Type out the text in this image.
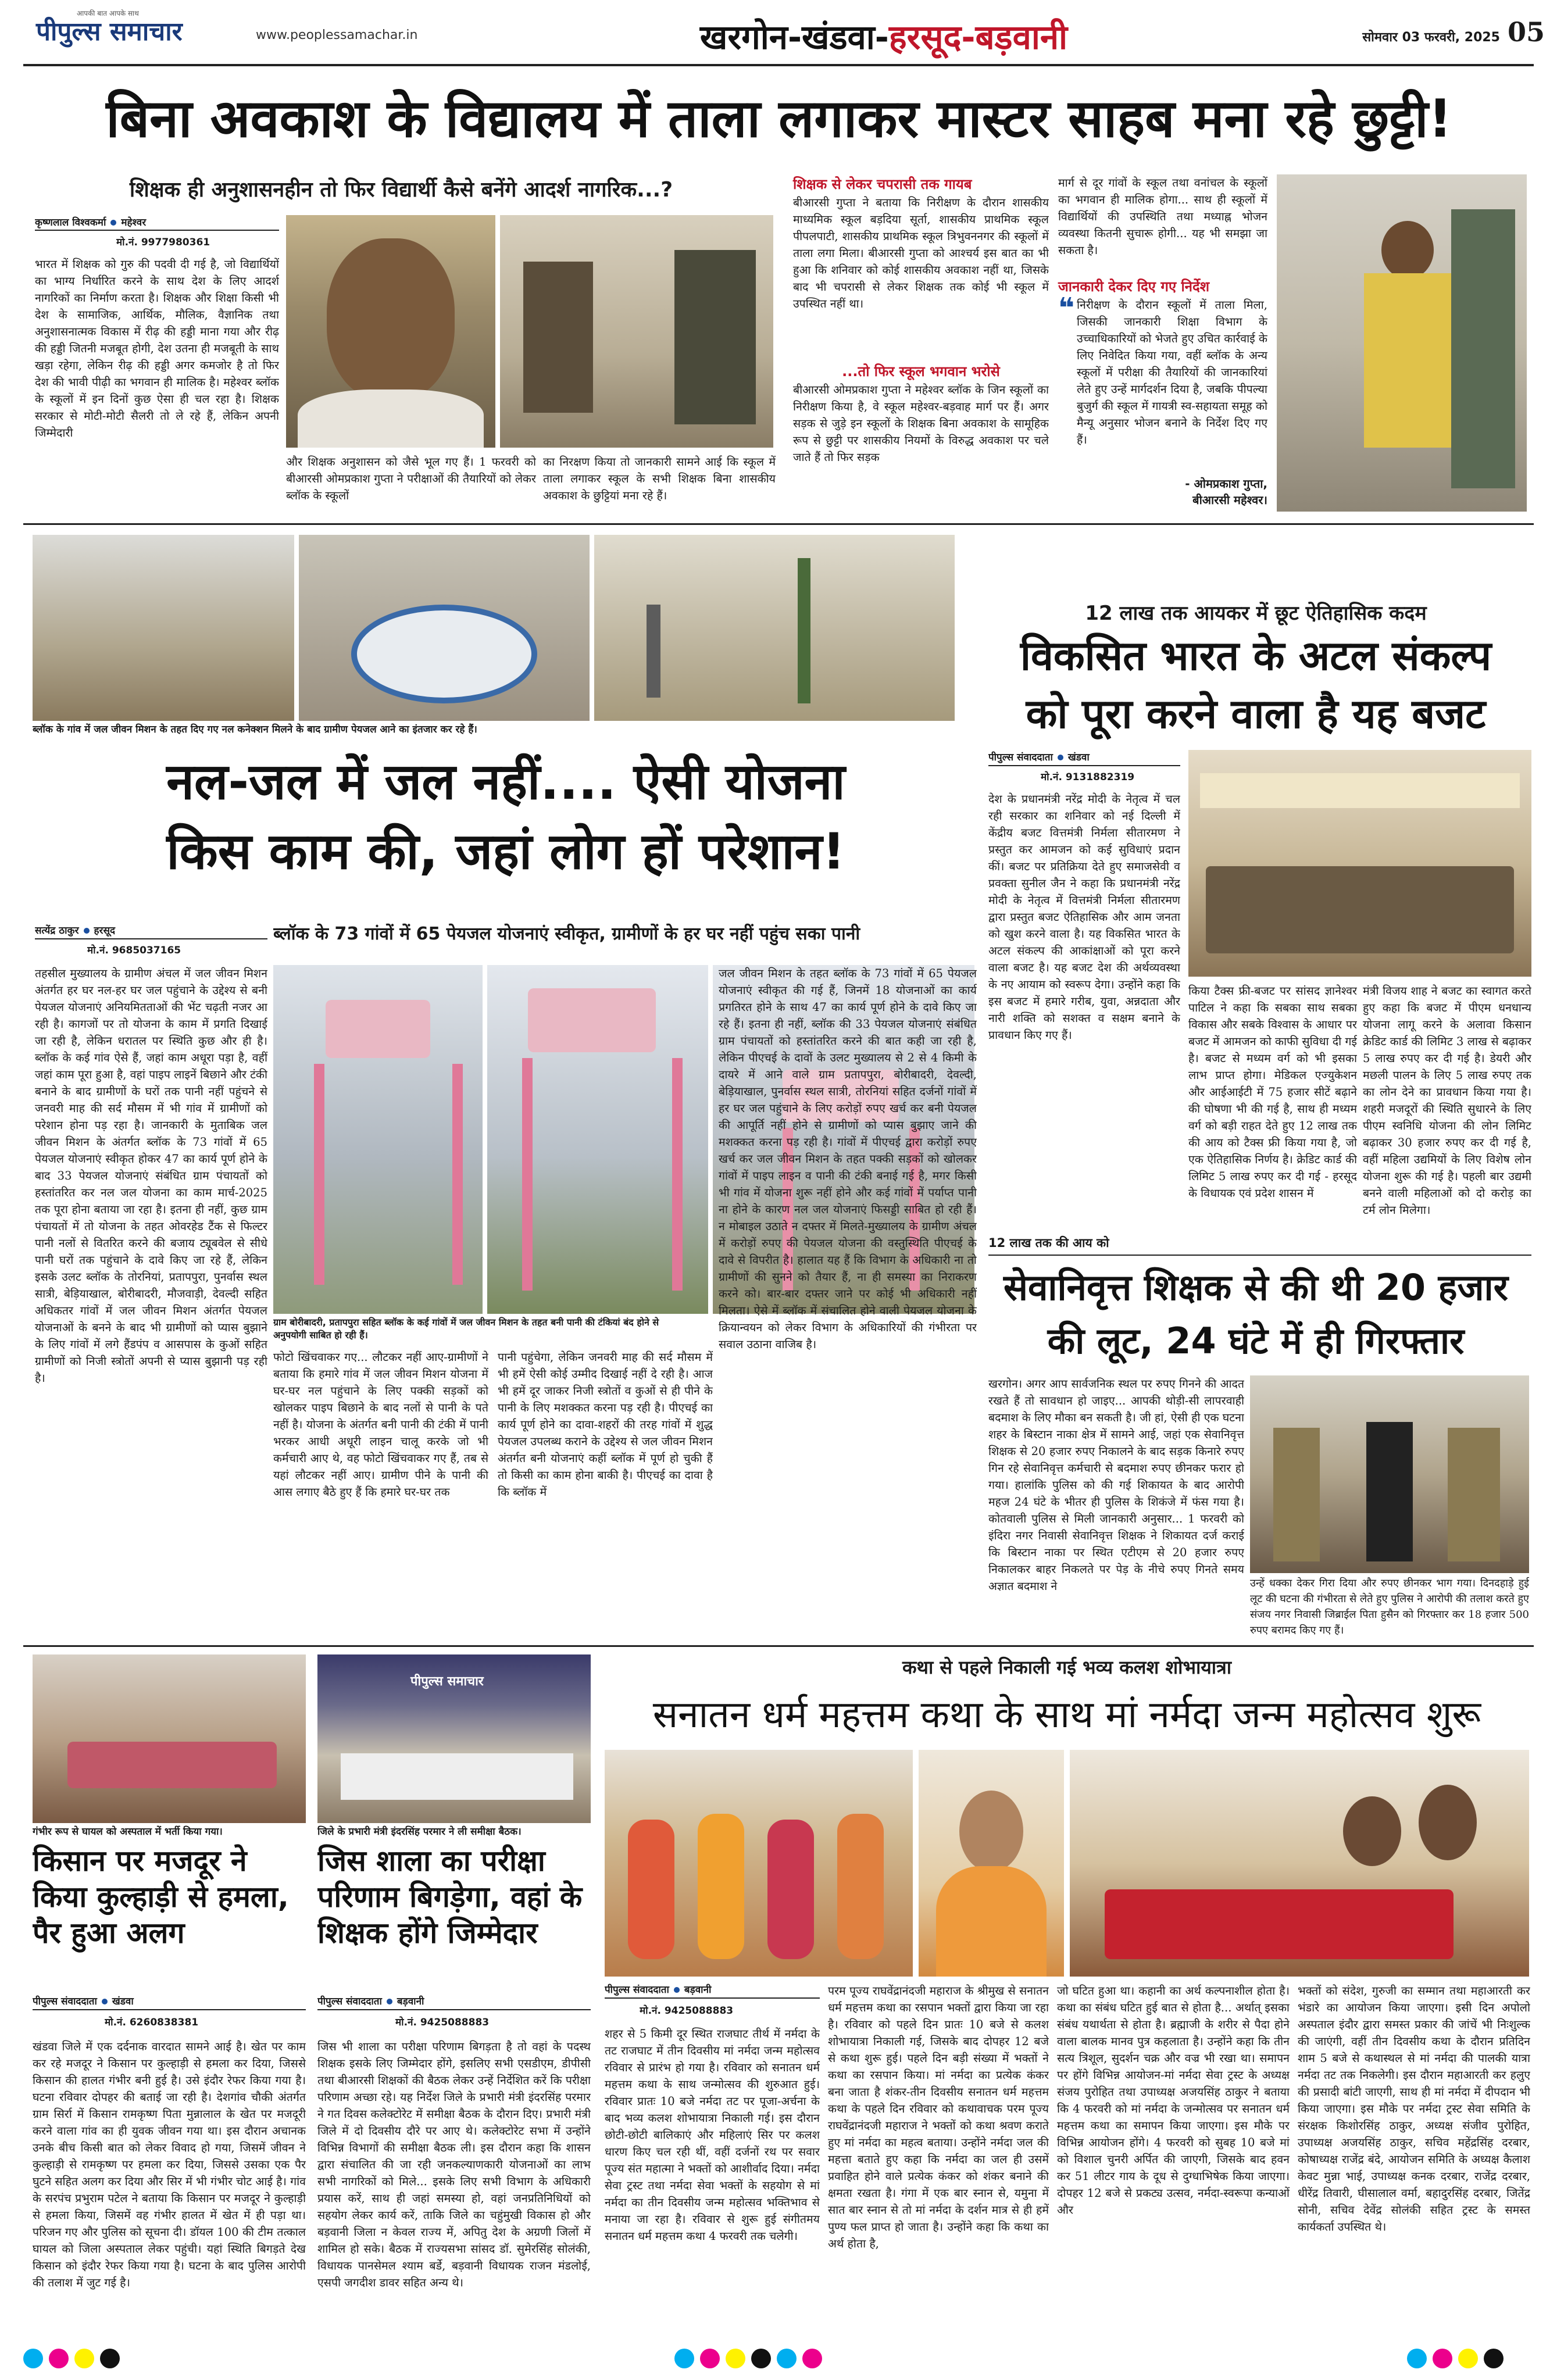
पीपुल्स समाचार
आपकी बात आपके साथ
www.peoplessamachar.in	खरगोन-खंडवा-हरसूद-बड़वानी	सोमवार 03 फरवरी, 2025 05
बिना अवकाश के विद्यालय में ताला लगाकर मास्टर साहब मना रहे छुट्टी!
शिक्षक ही अनुशासनहीन तो फिर विद्यार्थी कैसे बनेंगे आदर्श नागरिक...?
कृष्णलाल विश्वकर्मा महेश्वर
मो.नं. 9977980361
भारत में शिक्षक को गुरु की पदवी दी गई है, जो विद्यार्थियों का भाग्य निर्धारित करने के साथ देश के लिए आदर्श नागरिकों का निर्माण करता है। शिक्षक और शिक्षा किसी भी देश के सामाजिक, आर्थिक, मौलिक, वैज्ञानिक तथा अनुशासनात्मक विकास में रीढ़ की हड्डी माना गया और रीढ़ की हड्डी जितनी मजबूत होगी, देश उतना ही मजबूती के साथ खड़ा रहेगा, लेकिन रीढ़ की हड्डी अगर कमजोर है तो फिर देश की भावी पीढ़ी का भगवान ही मालिक है। महेश्वर ब्लॉक के स्कूलों में इन दिनों कुछ ऐसा ही चल रहा है। शिक्षक सरकार से मोटी-मोटी सैलरी तो ले रहे हैं, लेकिन अपनी जिम्मेदारी
और शिक्षक अनुशासन को जैसे भूल गए हैं। 1 फरवरी को बीआरसी ओमप्रकाश गुप्ता ने परीक्षाओं की तैयारियों को लेकर ब्लॉक के स्कूलों
का निरक्षण किया तो जानकारी सामने आई कि स्कूल में ताला लगाकर स्कूल के सभी शिक्षक बिना शासकीय अवकाश के छुट्टियां मना रहे हैं।
शिक्षक से लेकर चपरासी तक गायब
बीआरसी गुप्ता ने बताया कि निरीक्षण के दौरान शासकीय माध्यमिक स्कूल बड़दिया सूर्ता, शासकीय प्राथमिक स्कूल पीपलपाटी, शासकीय प्राथमिक स्कूल त्रिभुवननगर की स्कूलों में ताला लगा मिला। बीआरसी गुप्ता को आश्चर्य इस बात का भी हुआ कि शनिवार को कोई शासकीय अवकाश नहीं था, जिसके बाद भी चपरासी से लेकर शिक्षक तक कोई भी स्कूल में उपस्थित नहीं था।
...तो फिर स्कूल भगवान भरोसे
बीआरसी ओमप्रकाश गुप्ता ने महेश्वर ब्लॉक के जिन स्कूलों का निरीक्षण किया है, वे स्कूल महेश्वर-बड़वाह मार्ग पर हैं। अगर सड़क से जुड़े इन स्कूलों के शिक्षक बिना अवकाश के सामूहिक रूप से छुट्टी पर शासकीय नियमों के विरुद्ध अवकाश पर चले जाते हैं तो फिर सड़क
मार्ग से दूर गांवों के स्कूल तथा वनांचल के स्कूलों का भगवान ही मालिक होगा... साथ ही स्कूलों में विद्यार्थियों की उपस्थिति तथा मध्याह्न भोजन व्यवस्था कितनी सुचारू होगी... यह भी समझा जा सकता है।
जानकारी देकर दिए गए निर्देश
❝ निरीक्षण के दौरान स्कूलों में ताला मिला, जिसकी जानकारी शिक्षा विभाग के उच्चाधिकारियों को भेजते हुए उचित कार्रवाई के लिए निवेदित किया गया, वहीं ब्लॉक के अन्य स्कूलों में परीक्षा की तैयारियों की जानकारियां लेते हुए उन्हें मार्गदर्शन दिया है, जबकि पीपल्या बुजुर्ग की स्कूल में गायत्री स्व-सहायता समूह को मैन्यू अनुसार भोजन बनाने के निर्देश दिए गए हैं।
- ओमप्रकाश गुप्ता,
बीआरसी महेश्वर।
ब्लॉक के गांव में जल जीवन मिशन के तहत दिए गए नल कनेक्शन मिलने के बाद ग्रामीण पेयजल आने का इंतजार कर रहे हैं।
नल-जल में जल नहीं.... ऐसी योजना
किस काम की, जहां लोग हों परेशान!
सत्येंद्र ठाकुर हरसूद
मो.नं. 9685037165
ब्लॉक के 73 गांवों में 65 पेयजल योजनाएं स्वीकृत, ग्रामीणों के हर घर नहीं पहुंच सका पानी
तहसील मुख्यालय के ग्रामीण अंचल में जल जीवन मिशन अंतर्गत हर घर नल-हर घर जल पहुंचाने के उद्देश्य से बनी पेयजल योजनाएं अनियमितताओं की भेंट चढ़ती नजर आ रही है। कागजों पर तो योजना के काम में प्रगति दिखाई जा रही है, लेकिन धरातल पर स्थिति कुछ और ही है। ब्लॉक के कई गांव ऐसे हैं, जहां काम अधूरा पड़ा है, वहीं जहां काम पूरा हुआ है, वहां पाइप लाइनें बिछाने और टंकी बनाने के बाद ग्रामीणों के घरों तक पानी नहीं पहुंचने से जनवरी माह की सर्द मौसम में भी गांव में ग्रामीणों को परेशान होना पड़ रहा है। जानकारी के मुताबिक जल जीवन मिशन के अंतर्गत ब्लॉक के 73 गांवों में 65 पेयजल योजनाएं स्वीकृत होकर 47 का कार्य पूर्ण होने के बाद 33 पेयजल योजनाएं संबंधित ग्राम पंचायतों को हस्तांतरित कर नल जल योजना का काम मार्च-2025 तक पूरा होना बताया जा रहा है। इतना ही नहीं, कुछ ग्राम पंचायतों में तो योजना के तहत ओवरहेड टैंक से फिल्टर पानी नलों से वितरित करने की बजाय ट्यूबवेल से सीधे पानी घरों तक पहुंचाने के दावे किए जा रहे हैं, लेकिन इसके उलट ब्लॉक के तोरनियां, प्रतापपुरा, पुनर्वास स्थल सात्री, बेड़ियाखाल, बोरीबादरी, मौजवाड़ी, देवल्दी सहित अधिकतर गांवों में जल जीवन मिशन अंतर्गत पेयजल योजनाओं के बनने के बाद भी ग्रामीणों को प्यास बुझाने के लिए गांवों में लगे हैंडपंप व आसपास के कुओं सहित ग्रामीणों को निजी स्त्रोतों अपनी से प्यास बुझानी पड़ रही है।
ग्राम बोरीबादरी, प्रतापपुरा सहित ब्लॉक के कई गांवों में जल जीवन मिशन के तहत बनी पानी की टंकियां बंद होने से अनुपयोगी साबित हो रही हैं।
फोटो खिंचवाकर गए... लौटकर नहीं आए-ग्रामीणों ने बताया कि हमारे गांव में जल जीवन मिशन योजना में घर-घर नल पहुंचाने के लिए पक्की सड़कों को खोलकर पाइप बिछाने के बाद नलों से पानी के पते नहीं है। योजना के अंतर्गत बनी पानी की टंकी में पानी भरकर आधी अधूरी लाइन चालू करके जो भी कर्मचारी आए थे, वह फोटो खिंचवाकर गए हैं, तब से यहां लौटकर नहीं आए। ग्रामीण पीने के पानी की आस लगाए बैठे हुए हैं कि हमारे घर-घर तक
पानी पहुंचेगा, लेकिन जनवरी माह की सर्द मौसम में भी हमें ऐसी कोई उम्मीद दिखाई नहीं दे रही है। आज भी हमें दूर जाकर निजी स्त्रोतों व कुओं से ही पीने के पानी के लिए मशक्कत करना पड़ रही है। पीएचई का कार्य पूर्ण होने का दावा-शहरों की तरह गांवों में शुद्ध पेयजल उपलब्ध कराने के उद्देश्य से जल जीवन मिशन अंतर्गत बनी योजनाएं कहीं ब्लॉक में पूर्ण हो चुकी हैं तो किसी का काम होना बाकी है। पीएचई का दावा है कि ब्लॉक में
जल जीवन मिशन के तहत ब्लॉक के 73 गांवों में 65 पेयजल योजनाएं स्वीकृत की गई हैं, जिनमें 18 योजनाओं का कार्य प्रगतिरत होने के साथ 47 का कार्य पूर्ण होने के दावे किए जा रहे हैं। इतना ही नहीं, ब्लॉक की 33 पेयजल योजनाएं संबंधित ग्राम पंचायतों को हस्तांतरित करने की बात कही जा रही है, लेकिन पीएचई के दावों के उलट मुख्यालय से 2 से 4 किमी के दायरे में आने वाले ग्राम प्रतापपुरा, बोरीबादरी, देवल्दी, बेड़ियाखाल, पुनर्वास स्थल सात्री, तोरनियां सहित दर्जनों गांवों में हर घर जल पहुंचाने के लिए करोड़ों रुपए खर्च कर बनी पेयजल की आपूर्ति नहीं होने से ग्रामीणों को प्यास बुझाए जाने की मशक्कत करना पड़ रही है। गांवों में पीएचई द्वारा करोड़ों रुपए खर्च कर जल जीवन मिशन के तहत पक्की सड़कों को खोलकर गांवों में पाइप लाइन व पानी की टंकी बनाई गई है, मगर किसी भी गांव में योजना शुरू नहीं होने और कई गांवों में पर्याप्त पानी ना होने के कारण नल जल योजनाएं फिसड्डी साबित हो रही हैं। न मोबाइल उठाते न दफ्तर में मिलते-मुख्यालय के ग्रामीण अंचल में करोड़ों रुपए की पेयजल योजना की वस्तुस्थिति पीएचई के दावे से विपरीत है। हालात यह हैं कि विभाग के अधिकारी ना तो ग्रामीणों की सुनने को तैयार हैं, ना ही समस्या का निराकरण करने को। बार-बार दफ्तर जाने पर कोई भी अधिकारी नहीं मिलता। ऐसे में ब्लॉक में संचालित होने वाली पेयजल योजना के क्रियान्वयन को लेकर विभाग के अधिकारियों की गंभीरता पर सवाल उठाना वाजिब है।
12 लाख तक आयकर में छूट ऐतिहासिक कदम
विकसित भारत के अटल संकल्प
को पूरा करने वाला है यह बजट
पीपुल्स संवाददाता खंडवा
मो.नं. 9131882319
देश के प्रधानमंत्री नरेंद्र मोदी के नेतृत्व में चल रही सरकार का शनिवार को नई दिल्ली में केंद्रीय बजट वित्तमंत्री निर्मला सीतारमण ने प्रस्तुत कर आमजन को कई सुविधाएं प्रदान कीं। बजट पर प्रतिक्रिया देते हुए समाजसेवी व प्रवक्ता सुनील जैन ने कहा कि प्रधानमंत्री नरेंद्र मोदी के नेतृत्व में वित्तमंत्री निर्मला सीतारमण द्वारा प्रस्तुत बजट ऐतिहासिक और आम जनता को खुश करने वाला है। यह विकसित भारत के अटल संकल्प की आकांक्षाओं को पूरा करने वाला बजट है। यह बजट देश की अर्थव्यवस्था के नए आयाम को स्वरूप देगा। उन्होंने कहा कि इस बजट में हमारे गरीब, युवा, अन्नदाता और नारी शक्ति को सशक्त व सक्षम बनाने के प्रावधान किए गए हैं।
12 लाख तक की आय को
किया टैक्स फ्री-बजट पर सांसद ज्ञानेश्वर पाटिल ने कहा कि सबका साथ सबका विकास और सबके विश्वास के आधार पर बजट में आमजन को काफी सुविधा दी गई है। बजट से मध्यम वर्ग को भी इसका लाभ प्राप्त होगा। मेडिकल एज्युकेशन और आईआईटी में 75 हजार सीटें बढ़ाने की घोषणा भी की गई है, साथ ही मध्यम वर्ग को बड़ी राहत देते हुए 12 लाख तक की आय को टैक्स फ्री किया गया है, जो एक ऐतिहासिक निर्णय है। क्रेडिट कार्ड की लिमिट 5 लाख रुपए कर दी गई - हरसूद के विधायक एवं प्रदेश शासन में
मंत्री विजय शाह ने बजट का स्वागत करते हुए कहा कि बजट में पीएम धनधान्य योजना लागू करने के अलावा किसान क्रेडिट कार्ड की लिमिट 3 लाख से बढ़ाकर 5 लाख रुपए कर दी गई है। डेयरी और मछली पालन के लिए 5 लाख रुपए तक का लोन देने का प्रावधान किया गया है। शहरी मजदूरों की स्थिति सुधारने के लिए पीएम स्वनिधि योजना की लोन लिमिट बढ़ाकर 30 हजार रुपए कर दी गई है, वहीं महिला उद्यमियों के लिए विशेष लोन योजना शुरू की गई है। पहली बार उद्यमी बनने वाली महिलाओं को दो करोड़ का टर्म लोन मिलेगा।
सेवानिवृत्त शिक्षक से की थी 20 हजार
की लूट, 24 घंटे में ही गिरफ्तार
खरगोन। अगर आप सार्वजनिक स्थल पर रुपए गिनने की आदत रखते हैं तो सावधान हो जाइए... आपकी थोड़ी-सी लापरवाही बदमाश के लिए मौका बन सकती है। जी हां, ऐसी ही एक घटना शहर के बिस्टान नाका क्षेत्र में सामने आई, जहां एक सेवानिवृत्त शिक्षक से 20 हजार रुपए निकालने के बाद सड़क किनारे रुपए गिन रहे सेवानिवृत्त कर्मचारी से बदमाश रुपए छीनकर फरार हो गया। हालांकि पुलिस को की गई शिकायत के बाद आरोपी महज 24 घंटे के भीतर ही पुलिस के शिकंजे में फंस गया है। कोतवाली पुलिस से मिली जानकारी अनुसार... 1 फरवरी को इंदिरा नगर निवासी सेवानिवृत्त शिक्षक ने शिकायत दर्ज कराई कि बिस्टान नाका पर स्थित एटीएम से 20 हजार रुपए निकालकर बाहर निकलते पर पेड़ के नीचे रुपए गिनते समय अज्ञात बदमाश ने	उन्हें धक्का देकर गिरा दिया और रुपए छीनकर भाग गया। दिनदहाड़े हुई लूट की घटना की गंभीरता से लेते हुए पुलिस ने आरोपी की तलाश करते हुए संजय नगर निवासी जिब्राईल पिता हुसैन को गिरफ्तार कर 18 हजार 500 रुपए बरामद किए गए हैं।
गंभीर रूप से घायल को अस्पताल में भर्ती किया गया।
किसान पर मजदूर ने किया कुल्हाड़ी से हमला, पैर हुआ अलग
पीपुल्स संवाददाता खंडवा
मो.नं. 6260838381
खंडवा जिले में एक दर्दनाक वारदात सामने आई है। खेत पर काम कर रहे मजदूर ने किसान पर कुल्हाड़ी से हमला कर दिया, जिससे किसान की हालत गंभीर बनी हुई है। उसे इंदौर रेफर किया गया है। घटना रविवार दोपहर की बताई जा रही है। देशगांव चौकी अंतर्गत ग्राम सिर्रा में किसान रामकृष्ण पिता मुन्नालाल के खेत पर मजदूरी करने वाला गांव का ही युवक जीवन गया था। इस दौरान अचानक उनके बीच किसी बात को लेकर विवाद हो गया, जिसमें जीवन ने कुल्हाड़ी से रामकृष्ण पर हमला कर दिया, जिससे उसका एक पैर घुटने सहित अलग कर दिया और सिर में भी गंभीर चोट आई है। गांव के सरपंच प्रभुराम पटेल ने बताया कि किसान पर मजदूर ने कुल्हाड़ी से हमला किया, जिसमें वह गंभीर हालत में खेत में ही पड़ा था। परिजन गए और पुलिस को सूचना दी। डॉयल 100 की टीम तत्काल घायल को जिला अस्पताल लेकर पहुंची। यहां स्थिति बिगड़ते देख किसान को इंदौर रेफर किया गया है। घटना के बाद पुलिस आरोपी की तलाश में जुट गई है।
पीपुल्स समाचार
जिले के प्रभारी मंत्री इंदरसिंह परमार ने ली समीक्षा बैठक।
जिस शाला का परीक्षा परिणाम बिगड़ेगा, वहां के शिक्षक होंगे जिम्मेदार
पीपुल्स संवाददाता बड़वानी
मो.नं. 9425088883
जिस भी शाला का परीक्षा परिणाम बिगड़ता है तो वहां के पदस्थ शिक्षक इसके लिए जिम्मेदार होंगे, इसलिए सभी एसडीएम, डीपीसी तथा बीआरसी शिक्षकों की बैठक लेकर उन्हें निर्देशित करें कि परीक्षा परिणाम अच्छा रहे। यह निर्देश जिले के प्रभारी मंत्री इंदरसिंह परमार ने गत दिवस कलेक्टोरेट में समीक्षा बैठक के दौरान दिए। प्रभारी मंत्री जिले में दो दिवसीय दौरे पर आए थे। कलेक्टोरेट सभा में उन्होंने विभिन्न विभागों की समीक्षा बैठक ली। इस दौरान कहा कि शासन द्वारा संचालित की जा रही जनकल्याणकारी योजनाओं का लाभ सभी नागरिकों को मिले... इसके लिए सभी विभाग के अधिकारी प्रयास करें, साथ ही जहां समस्या हो, वहां जनप्रतिनिधियों को सहयोग लेकर कार्य करें, ताकि जिले का चहुंमुखी विकास हो और बड़वानी जिला न केवल राज्य में, अपितु देश के अग्रणी जिलों में शामिल हो सके। बैठक में राज्यसभा सांसद डॉ. सुमेरसिंह सोलंकी, विधायक पानसेमल श्याम बर्डे, बड़वानी विधायक राजन मंडलोई, एसपी जगदीश डावर सहित अन्य थे।
कथा से पहले निकाली गई भव्य कलश शोभायात्रा
सनातन धर्म महत्तम कथा के साथ मां नर्मदा जन्म महोत्सव शुरू
पीपुल्स संवाददाता बड़वानी
मो.नं. 9425088883
शहर से 5 किमी दूर स्थित राजघाट तीर्थ में नर्मदा के तट राजघाट में तीन दिवसीय मां नर्मदा जन्म महोत्सव रविवार से प्रारंभ हो गया है। रविवार को सनातन धर्म महत्तम कथा के साथ जन्मोत्सव की शुरुआत हुई। रविवार प्रातः 10 बजे नर्मदा तट पर पूजा-अर्चना के बाद भव्य कलश शोभायात्रा निकाली गई। इस दौरान छोटी-छोटी बालिकाएं और महिलाएं सिर पर कलश धारण किए चल रही थीं, वहीं दर्जनों रथ पर सवार पूज्य संत महात्मा ने भक्तों को आशीर्वाद दिया। नर्मदा सेवा ट्रस्ट तथा नर्मदा सेवा भक्तों के सहयोग से मां नर्मदा का तीन दिवसीय जन्म महोत्सव भक्तिभाव से मनाया जा रहा है। रविवार से शुरू हुई संगीतमय सनातन धर्म महत्तम कथा 4 फरवरी तक चलेगी।
परम पूज्य राघवेंद्रानंदजी महाराज के श्रीमुख से सनातन धर्म महत्तम कथा का रसपान भक्तों द्वारा किया जा रहा है। रविवार को पहले दिन प्रातः 10 बजे से कलश शोभायात्रा निकाली गई, जिसके बाद दोपहर 12 बजे से कथा शुरू हुई। पहले दिन बड़ी संख्या में भक्तों ने कथा का रसपान किया। मां नर्मदा का प्रत्येक कंकर बना जाता है शंकर-तीन दिवसीय सनातन धर्म महत्तम कथा के पहले दिन रविवार को कथावाचक परम पूज्य राघवेंद्रानंदजी महाराज ने भक्तों को कथा श्रवण कराते हुए मां नर्मदा का महत्व बताया। उन्होंने नर्मदा जल की महत्ता बताते हुए कहा कि नर्मदा का जल ही उसमें प्रवाहित होने वाले प्रत्येक कंकर को शंकर बनाने की क्षमता रखता है। गंगा में एक बार स्नान से, यमुना में सात बार स्नान से तो मां नर्मदा के दर्शन मात्र से ही हमें पुण्य फल प्राप्त हो जाता है। उन्होंने कहा कि कथा का अर्थ होता है,
जो घटित हुआ था। कहानी का अर्थ कल्पनाशील होता है। कथा का संबंध घटित हुई बात से होता है... अर्थात् इसका संबंध यथार्थता से होता है। ब्रह्माजी के शरीर से पैदा होने वाला बालक मानव पुत्र कहलाता है। उन्होंने कहा कि तीन सत्य त्रिशूल, सुदर्शन चक्र और वज्र भी रखा था। समापन पर होंगे विभिन्न आयोजन-मां नर्मदा सेवा ट्रस्ट के अध्यक्ष संजय पुरोहित तथा उपाध्यक्ष अजयसिंह ठाकुर ने बताया कि 4 फरवरी को मां नर्मदा के जन्मोत्सव पर सनातन धर्म महत्तम कथा का समापन किया जाएगा। इस मौके पर विभिन्न आयोजन होंगे। 4 फरवरी को सुबह 10 बजे मां को विशाल चुनरी अर्पित की जाएगी, जिसके बाद हवन कर 51 लीटर गाय के दूध से दुग्धाभिषेक किया जाएगा। दोपहर 12 बजे से प्रकट्य उत्सव, नर्मदा-स्वरूपा कन्याओं और
भक्तों को संदेश, गुरुजी का सम्मान तथा महाआरती कर भंडारे का आयोजन किया जाएगा। इसी दिन अपोलो अस्पताल इंदौर द्वारा समस्त प्रकार की जांचें भी निःशुल्क की जाएंगी, वहीं तीन दिवसीय कथा के दौरान प्रतिदिन शाम 5 बजे से कथास्थल से मां नर्मदा की पालकी यात्रा नर्मदा तट तक निकलेगी। इस दौरान महाआरती कर हलुए की प्रसादी बांटी जाएगी, साथ ही मां नर्मदा में दीपदान भी किया जाएगा। इस मौके पर नर्मदा ट्रस्ट सेवा समिति के संरक्षक किशोरसिंह ठाकुर, अध्यक्ष संजीव पुरोहित, उपाध्यक्ष अजयसिंह ठाकुर, सचिव महेंद्रसिंह दरबार, कोषाध्यक्ष राजेंद्र बंदे, आयोजन समिति के अध्यक्ष कैलाश केवट मुन्ना भाई, उपाध्यक्ष कनक दरबार, राजेंद्र दरबार, धीरेंद्र तिवारी, घीसालाल वर्मा, बहादुरसिंह दरबार, जितेंद्र सोनी, सचिव देवेंद्र सोलंकी सहित ट्रस्ट के समस्त कार्यकर्ता उपस्थित थे।
